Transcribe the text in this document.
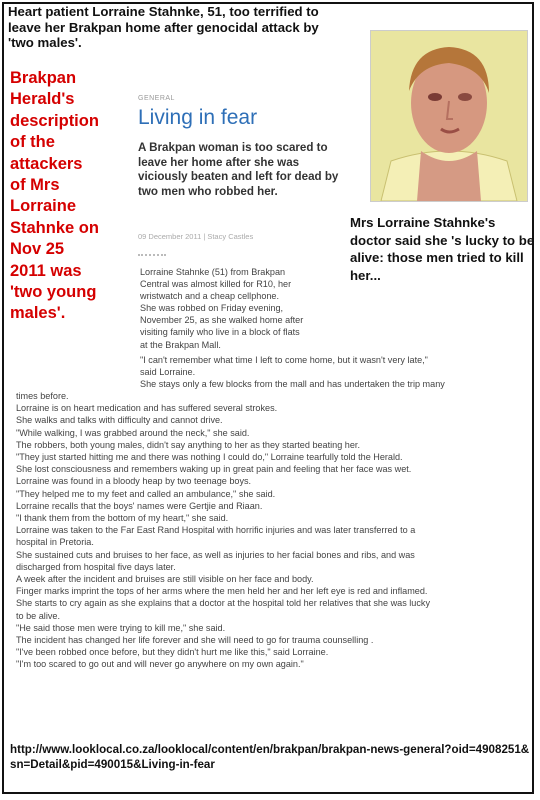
Heart patient Lorraine Stahnke, 51, too terrified to leave her Brakpan home after genocidal attack by 'two males'.
Brakpan
Herald's
description
of the
attackers
of Mrs
Lorraine
Stahnke on
Nov 25
2011 was
'two young
males'.
Mrs Lorraine Stahnke's doctor said she 's lucky to be alive: those men tried to kill her...
GENERAL
Living in fear
A Brakpan woman is too scared to leave her home after she was viciously beaten and left for dead by two men who robbed her.
09 December 2011 | Stacy Castles
Lorraine Stahnke (51) from Brakpan
Central was almost killed for R10, her
wristwatch and a cheap cellphone.
She was robbed on Friday evening,
November 25, as she walked home after
visiting family who live in a block of flats
at the Brakpan Mall.
"I can't remember what time I left to come home, but it wasn't very late,"
said Lorraine.
She stays only a few blocks from the mall and has undertaken the trip many
times before.
Lorraine is on heart medication and has suffered several strokes.
She walks and talks with difficulty and cannot drive.
"While walking, I was grabbed around the neck," she said.
The robbers, both young males, didn't say anything to her as they started beating her.
"They just started hitting me and there was nothing I could do," Lorraine tearfully told the Herald.
She lost consciousness and remembers waking up in great pain and feeling that her face was wet.
Lorraine was found in a bloody heap by two teenage boys.
"They helped me to my feet and called an ambulance," she said.
Lorraine recalls that the boys' names were Gertjie and Riaan.
"I thank them from the bottom of my heart," she said.
Lorraine was taken to the Far East Rand Hospital with horrific injuries and was later transferred to a
hospital in Pretoria.
She sustained cuts and bruises to her face, as well as injuries to her facial bones and ribs, and was
discharged from hospital five days later.
A week after the incident and bruises are still visible on her face and body.
Finger marks imprint the tops of her arms where the men held her and her left eye is red and inflamed.
She starts to cry again as she explains that a doctor at the hospital told her relatives that she was lucky
to be alive.
"He said those men were trying to kill me," she said.
The incident has changed her life forever and she will need to go for trauma counselling .
"I've been robbed once before, but they didn't hurt me like this," said Lorraine.
"I'm too scared to go out and will never go anywhere on my own again."
http://www.looklocal.co.za/looklocal/content/en/brakpan/brakpan-news-general?oid=4908251&sn=Detail&pid=490015&Living-in-fear
